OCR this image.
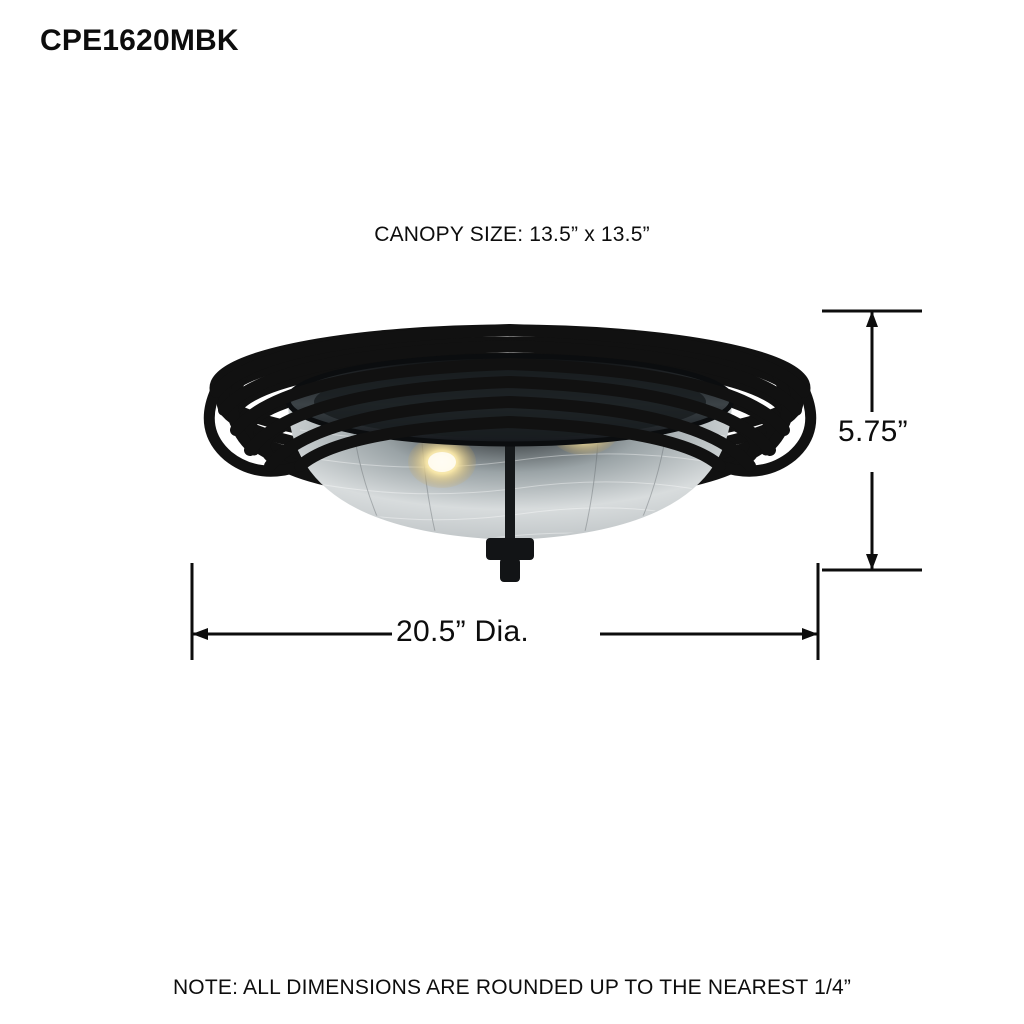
CPE1620MBK
CANOPY SIZE: 13.5” x 13.5”
5.75”
20.5” Dia.
NOTE: ALL DIMENSIONS ARE ROUNDED UP TO THE NEAREST 1/4”
